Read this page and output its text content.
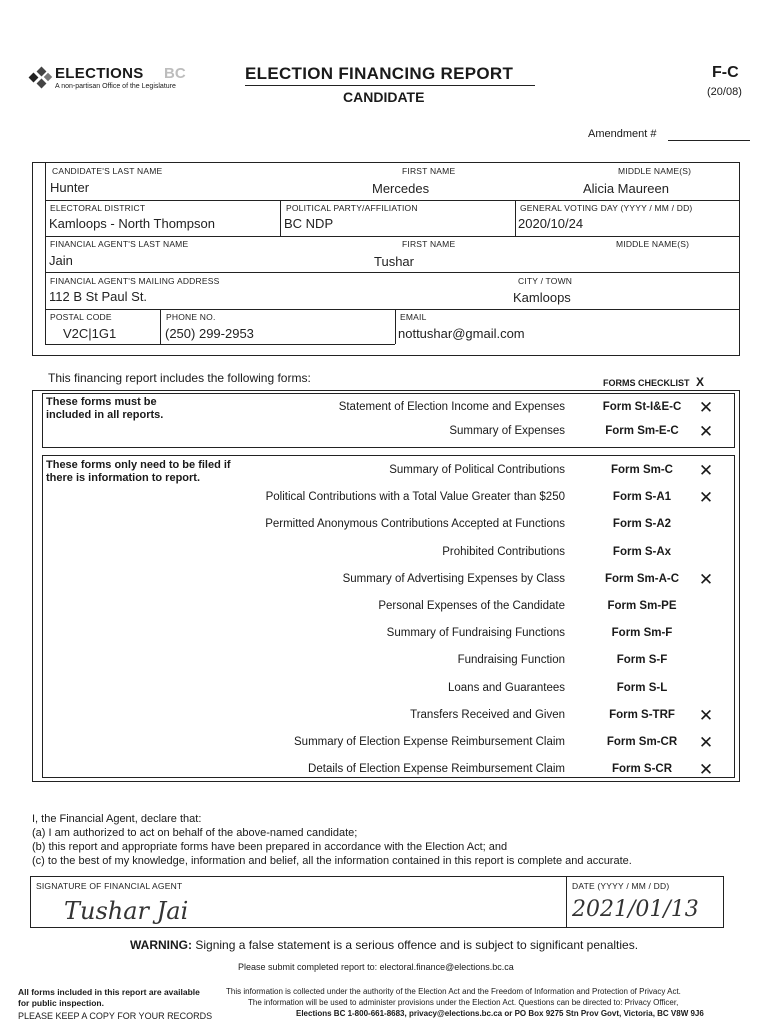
ELECTIONS BC
A non-partisan Office of the Legislature
ELECTION FINANCING REPORT
CANDIDATE
F-C
(20/08)
Amendment #
CANDIDATE'S LAST NAME
Hunter
FIRST NAME
Mercedes
MIDDLE NAME(S)
Alicia Maureen
ELECTORAL DISTRICT
Kamloops - North Thompson
POLITICAL PARTY/AFFILIATION
BC NDP
GENERAL VOTING DAY (YYYY / MM / DD)
2020/10/24
FINANCIAL AGENT'S LAST NAME
Jain
FIRST NAME
Tushar
MIDDLE NAME(S)
FINANCIAL AGENT'S MAILING ADDRESS
112 B St Paul St.
CITY / TOWN
Kamloops
POSTAL CODE
V2C|1G1
PHONE NO.
(250) 299-2953
EMAIL
nottushar@gmail.com
This financing report includes the following forms:	FORMS CHECKLIST X
These forms must be included in all reports.
These forms only need to be filed if there is information to report.
Statement of Election Income and Expenses	Form St-I&E-C	✕
Summary of Expenses	Form Sm-E-C	✕
Summary of Political Contributions	Form Sm-C	✕
Political Contributions with a Total Value Greater than $250	Form S-A1	✕
Permitted Anonymous Contributions Accepted at Functions	Form S-A2
Prohibited Contributions	Form S-Ax
Summary of Advertising Expenses by Class	Form Sm-A-C	✕
Personal Expenses of the Candidate	Form Sm-PE
Summary of Fundraising Functions	Form Sm-F
Fundraising Function	Form S-F
Loans and Guarantees	Form S-L
Transfers Received and Given	Form S-TRF	✕
Summary of Election Expense Reimbursement Claim	Form Sm-CR	✕
Details of Election Expense Reimbursement Claim	Form S-CR	✕
I, the Financial Agent, declare that:
(a) I am authorized to act on behalf of the above-named candidate;
(b) this report and appropriate forms have been prepared in accordance with the Election Act; and
(c) to the best of my knowledge, information and belief, all the information contained in this report is complete and accurate.
SIGNATURE OF FINANCIAL AGENT
Tushar Jai
DATE (YYYY / MM / DD)
2021/01/13
WARNING: Signing a false statement is a serious offence and is subject to significant penalties.
Please submit completed report to: electoral.finance@elections.bc.ca
All forms included in this report are available
for public inspection.
PLEASE KEEP A COPY FOR YOUR RECORDS
This information is collected under the authority of the Election Act and the Freedom of Information and Protection of Privacy Act.
The information will be used to administer provisions under the Election Act. Questions can be directed to: Privacy Officer,
Elections BC 1-800-661-8683, privacy@elections.bc.ca or PO Box 9275 Stn Prov Govt, Victoria, BC V8W 9J6
